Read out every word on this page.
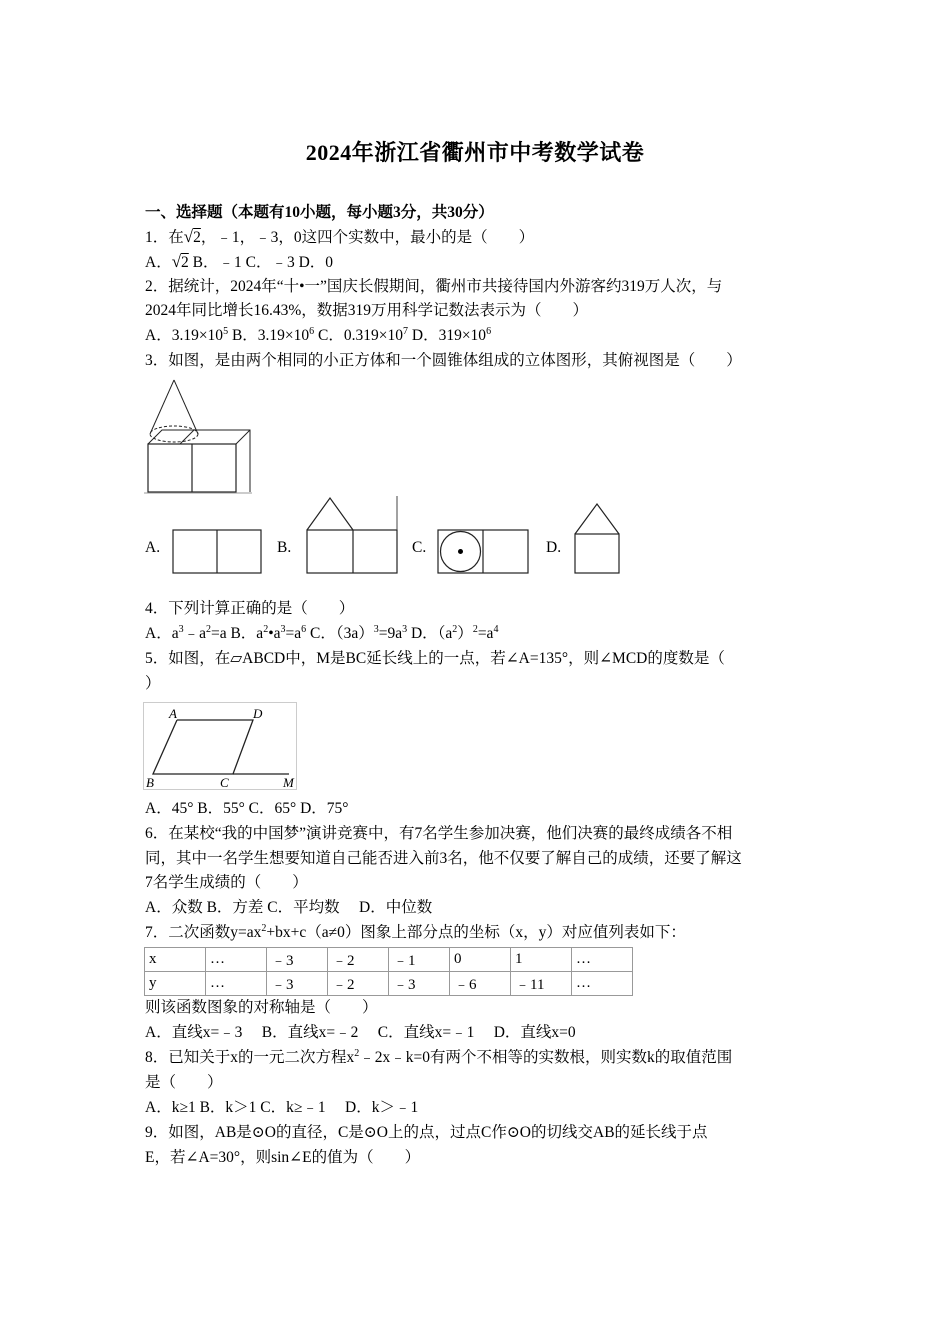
2024年浙江省衢州市中考数学试卷
一、选择题（本题有10小题，每小题3分，共30分）
1．在√2，﹣1，﹣3，0这四个实数中，最小的是（　　）
A．√2 B．﹣1 C．﹣3 D．0
2．据统计，2024年“十•一”国庆长假期间，衢州市共接待国内外游客约319万人次，与
2024年同比增长16.43%，数据319万用科学记数法表示为（　　）
A．$3.19\times 10^5$ B．$3.19\times 10^6$ C．$0.319\times 10^7$ D．$319\times 10^6$
3．如图，是由两个相同的小正方体和一个圆锥体组成的立体图形，其俯视图是（　　）
A.	B.	C.	D.
4．下列计算正确的是（　　）
A．$a^3﹣a^2=a$ B．$a^2•a^3=a^6$ C．$(3a)^3=9a^3$ D．$(a^2)^2=a^4$
5．如图，在▱ABCD中，M是BC延长线上的一点，若∠A=135°，则∠MCD的度数是（
）
A	D
B	C	M
A．45° B．55° C．65° D．75°
6．在某校“我的中国梦”演讲竞赛中，有7名学生参加决赛，他们决赛的最终成绩各不相
同，其中一名学生想要知道自己能否进入前3名，他不仅要了解自己的成绩，还要了解这
7名学生成绩的（　　）
A．众数 B．方差 C．平均数　 D．中位数
7．二次函数$y=ax^2+bx+c(a\ne 0)$图象上部分点的坐标（x，y）对应值列表如下：
x	…	﹣3	﹣2	﹣1	0	1	…
y	…	﹣3	﹣2	﹣3	﹣6	﹣11	…
则该函数图象的对称轴是（　　）
A．直线x=﹣3　 B．直线x=﹣2　 C．直线x=﹣1　 D．直线x=0
8．已知关于x的一元二次方程$x^2﹣2x﹣k=0$有两个不相等的实数根，则实数k的取值范围
是（　　）
A．k≥1 B．k＞1 C．k≥﹣1　 D．k＞﹣1
9．如图，AB是⊙O的直径，C是⊙O上的点，过点C作⊙O的切线交AB的延长线于点
E，若∠A=30°，则sin∠E的值为（　　）
